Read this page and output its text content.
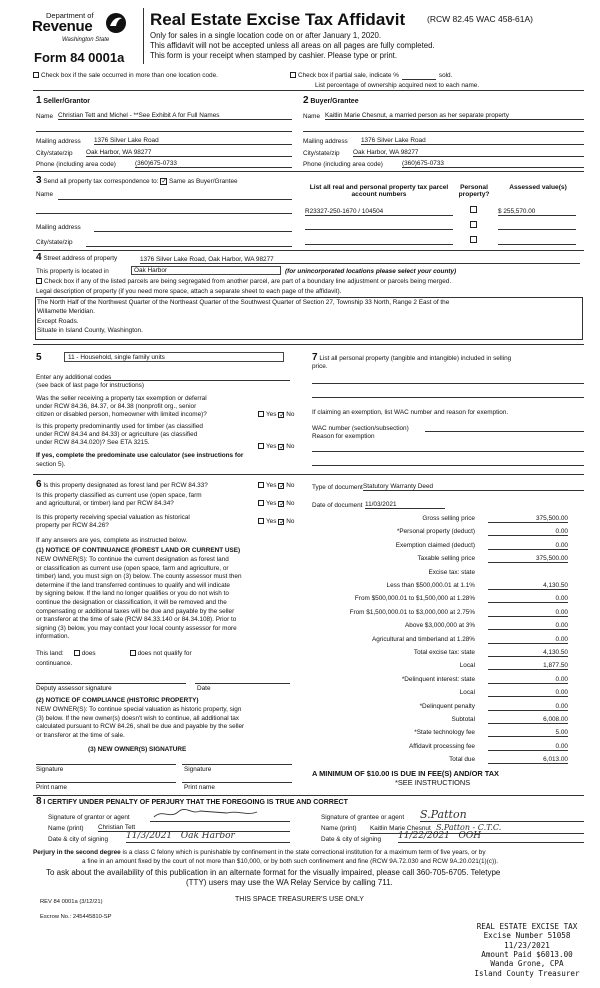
Department of
Revenue
Washington State
Form 84 0001a
Real Estate Excise Tax Affidavit	(RCW 82.45 WAC 458-61A)
Only for sales in a single location code on or after January 1, 2020.
This affidavit will not be accepted unless all areas on all pages are fully completed.
This form is your receipt when stamped by cashier. Please type or print.
Check box if the sale occurred in more than one location code.	Check box if partial sale, indicate %	sold.
List percentage of ownership acquired next to each name.
1 Seller/Grantor
Name Christian Tett and Michel - **See Exhibit A for Full Names
Mailing address 1376 Silver Lake Road
City/state/zip Oak Harbor, WA 98277
Phone (including area code)	(360)675-0733
2 Buyer/Grantee
Name Kaitlin Marie Chesnut, a married person as her separate property
Mailing address 1376 Silver Lake Road
City/state/zip Oak Harbor, WA 98277
Phone (including area code)	(360)675-0733
3 Send all property tax correspondence to: ✓ Same as Buyer/Grantee
Name
Mailing address
City/state/zip
List all real and personal property tax parcel account numbers
Personal property?
Assessed value(s)
R23327-250-1670 / 104504	$ 255,570.00
4 Street address of property	1376 Silver Lake Road, Oak Harbor, WA 98277
This property is located in	Oak Harbor	(for unincorporated locations please select your county)
Check box if any of the listed parcels are being segregated from another parcel, are part of a boundary line adjustment or parcels being merged.
Legal description of property (if you need more space, attach a separate sheet to each page of the affidavit).
The North Half of the Northwest Quarter of the Northeast Quarter of the Southwest Quarter of Section 27, Township 33 North, Range 2 East of the
Willamette Meridian.
Except Roads.
Situate in Island County, Washington.
5	11 - Household, single family units
Enter any additional codes
(see back of last page for instructions)
Was the seller receiving a property tax exemption or deferral
under RCW 84.36, 84.37, or 84.38 (nonprofit org., senior
citizen or disabled person, homeowner with limited income)?	Yes ✓No
Is this property predominantly used for timber (as classified
under RCW 84.34 and 84.33) or agriculture (as classified
under RCW 84.34.020)? See ETA 3215.
Yes ✓No
If yes, complete the predominate use calculator (see instructions for
section 5).
7 List all personal property (tangible and intangible) included in selling
price.
If claiming an exemption, list WAC number and reason for exemption.
WAC number (section/subsection)
Reason for exemption
6 Is this property designated as forest land per RCW 84.33?	Yes ✓No
Is this property classified as current use (open space, farm
and agricultural, or timber) land per RCW 84.34?	Yes ✓No
Is this property receiving special valuation as historical
property per RCW 84.26?
Yes ✓No
If any answers are yes, complete as instructed below.
(1) NOTICE OF CONTINUANCE (FOREST LAND OR CURRENT USE)
NEW OWNER(S): To continue the current designation as forest land
or classification as current use (open space, farm and agriculture, or
timber) land, you must sign on (3) below. The county assessor must then
determine if the land transferred continues to qualify and will indicate
by signing below. If the land no longer qualifies or you do not wish to
continue the designation or classification, it will be removed and the
compensating or additional taxes will be due and payable by the seller
or transferor at the time of sale (RCW 84.33.140 or 84.34.108). Prior to
signing (3) below, you may contact your local county assessor for more
information.
This land:	does	does not qualify for
continuance.
Deputy assessor signature	Date
(2) NOTICE OF COMPLIANCE (HISTORIC PROPERTY)
NEW OWNER(S): To continue special valuation as historic property, sign
(3) below. If the new owner(s) doesn't wish to continue, all additional tax
calculated pursuant to RCW 84.26, shall be due and payable by the seller
or transferor at the time of sale.
(3) NEW OWNER(S) SIGNATURE
Signature	Signature
Print name	Print name
Type of document Statutory Warranty Deed
Date of document 11/03/2021
Gross selling price	375,500.00
*Personal property (deduct)	0.00
Exemption claimed (deduct)	0.00
Taxable selling price	375,500.00
Excise tax: state
Less than $500,000.01 at 1.1%	4,130.50
From $500,000.01 to $1,500,000 at 1.28%	0.00
From $1,500,000.01 to $3,000,000 at 2.75%	0.00
Above $3,000,000 at 3%	0.00
Agricultural and timberland at 1.28%	0.00
Total excise tax: state	4,130.50
Local	1,877.50
*Delinquent interest: state	0.00
Local	0.00
*Delinquent penalty	0.00
Subtotal	6,008.00
*State technology fee	5.00
Affidavit processing fee	0.00
Total due	6,013.00
A MINIMUM OF $10.00 IS DUE IN FEE(S) AND/OR TAX
*SEE INSTRUCTIONS
8 I CERTIFY UNDER PENALTY OF PERJURY THAT THE FOREGOING IS TRUE AND CORRECT
Signature of grantor or agent
Name (print) Christian Tett
Date & city of signing 11/3/2021 Oak Harbor
Signature of grantee or agent S.Patton
Name (print) Kaitlin Marie Chesnut S.Patton - C.T.C.
Date & city of signing 11/22/2021 OOH
Perjury in the second degree is a class C felony which is punishable by confinement in the state correctional institution for a maximum term of five years, or by
a fine in an amount fixed by the court of not more than $10,000, or by both such confinement and fine (RCW 9A.72.030 and RCW 9A.20.021(1)(c)).
To ask about the availability of this publication in an alternate format for the visually impaired, please call 360-705-6705. Teletype
(TTY) users may use the WA Relay Service by calling 711.
REV 84 0001a (3/12/21)	THIS SPACE TREASURER'S USE ONLY
Escrow No.: 245445810-SP
REAL ESTATE EXCISE TAX
Excise Number 51058
11/23/2021
Amount Paid $6013.00
Wanda Grone, CPA
Island County Treasurer
